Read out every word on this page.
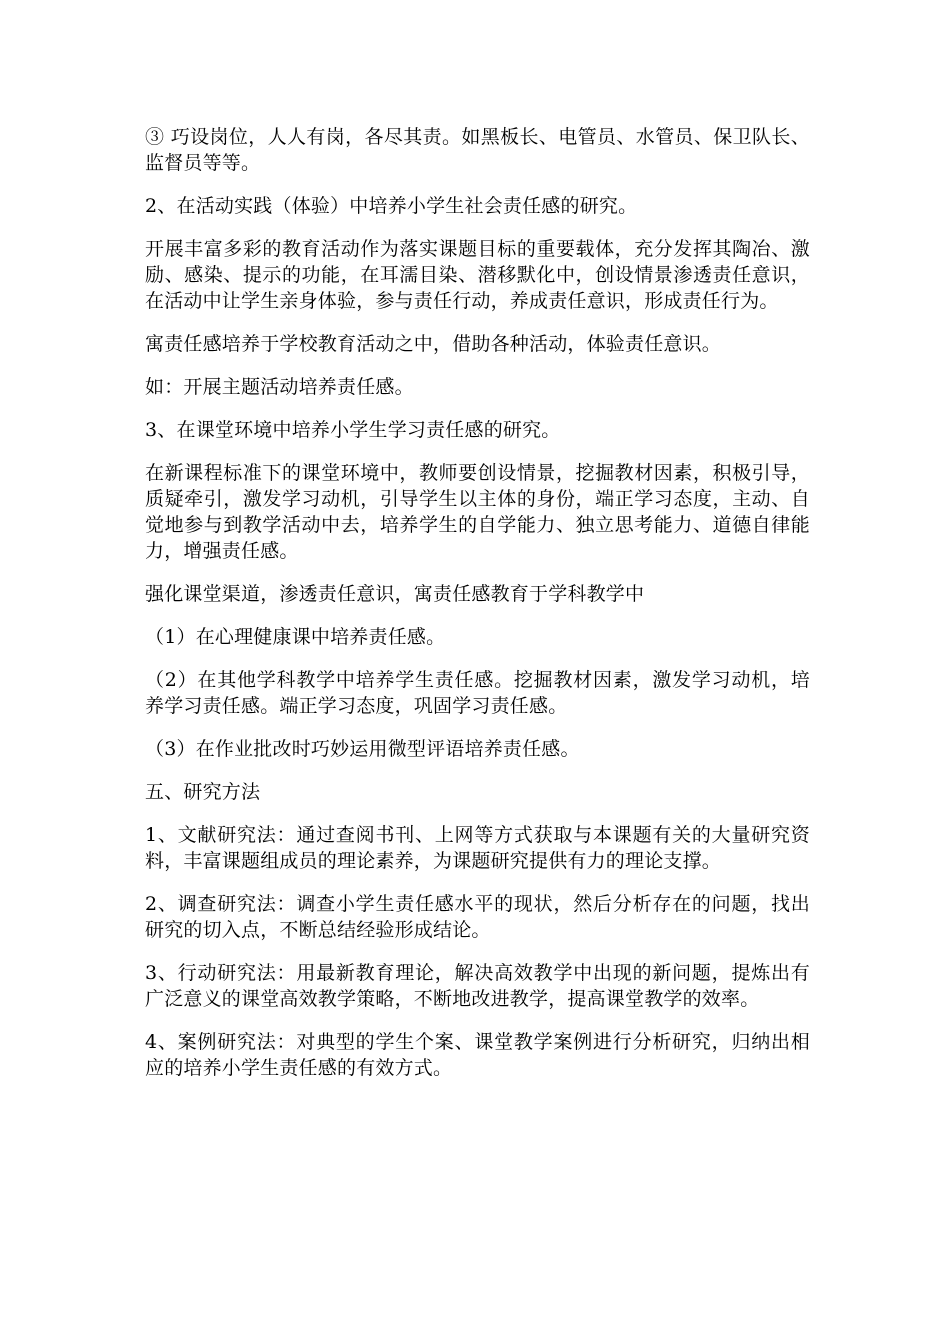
③ 巧设岗位，人人有岗，各尽其责。如黑板长、电管员、水管员、保卫队长、监督员等等。

2、在活动实践（体验）中培养小学生社会责任感的研究。

开展丰富多彩的教育活动作为落实课题目标的重要载体，充分发挥其陶冶、激励、感染、提示的功能，在耳濡目染、潜移默化中，创设情景渗透责任意识，在活动中让学生亲身体验，参与责任行动，养成责任意识，形成责任行为。

寓责任感培养于学校教育活动之中，借助各种活动，体验责任意识。

如：开展主题活动培养责任感。

3、在课堂环境中培养小学生学习责任感的研究。

在新课程标准下的课堂环境中，教师要创设情景，挖掘教材因素，积极引导，质疑牵引，激发学习动机，引导学生以主体的身份，端正学习态度，主动、自觉地参与到教学活动中去，培养学生的自学能力、独立思考能力、道德自律能力，增强责任感。

强化课堂渠道，渗透责任意识，寓责任感教育于学科教学中

（1）在心理健康课中培养责任感。

（2）在其他学科教学中培养学生责任感。挖掘教材因素，激发学习动机，培养学习责任感。端正学习态度，巩固学习责任感。

（3）在作业批改时巧妙运用微型评语培养责任感。

五、研究方法

1、文献研究法：通过查阅书刊、上网等方式获取与本课题有关的大量研究资料，丰富课题组成员的理论素养，为课题研究提供有力的理论支撑。

2、调查研究法：调查小学生责任感水平的现状，然后分析存在的问题，找出研究的切入点，不断总结经验形成结论。

3、行动研究法：用最新教育理论，解决高效教学中出现的新问题，提炼出有广泛意义的课堂高效教学策略，不断地改进教学，提高课堂教学的效率。

4、案例研究法：对典型的学生个案、课堂教学案例进行分析研究，归纳出相应的培养小学生责任感的有效方式。
